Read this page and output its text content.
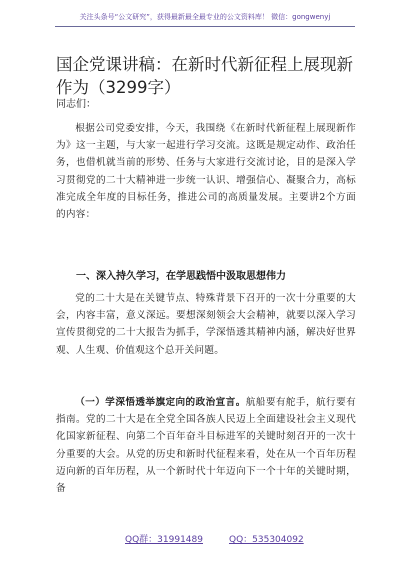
关注头条号“公文研究”，获得最新最全最专业的公文资料库！ 微信：gongwenyj
国企党课讲稿：在新时代新征程上展现新作为（3299字）
同志们：
根据公司党委安排，今天，我围绕《在新时代新征程上展现新作为》这一主题，与大家一起进行学习交流。这既是规定动作、政治任务，也借机就当前的形势、任务与大家进行交流讨论，目的是深入学习贯彻党的二十大精神进一步统一认识、增强信心、凝聚合力，高标准完成全年度的目标任务，推进公司的高质量发展。主要讲2个方面的内容：
一、深入持久学习，在学思践悟中汲取思想伟力
党的二十大是在关键节点、特殊背景下召开的一次十分重要的大会，内容丰富，意义深远。要想深刻领会大会精神，就要以深入学习宣传贯彻党的二十大报告为抓手，学深悟透其精神内涵，解决好世界观、人生观、价值观这个总开关问题。
（一）学深悟透举旗定向的政治宣言。航船要有舵手，航行要有指南。党的二十大是在全党全国各族人民迈上全面建设社会主义现代化国家新征程、向第二个百年奋斗目标进军的关键时刻召开的一次十分重要的大会。从党的历史和新时代征程来看，处在从一个百年历程迈向新的百年历程，从一个新时代十年迈向下一个十年的关键时期，备
QQ群：31991489	QQ：535304092
